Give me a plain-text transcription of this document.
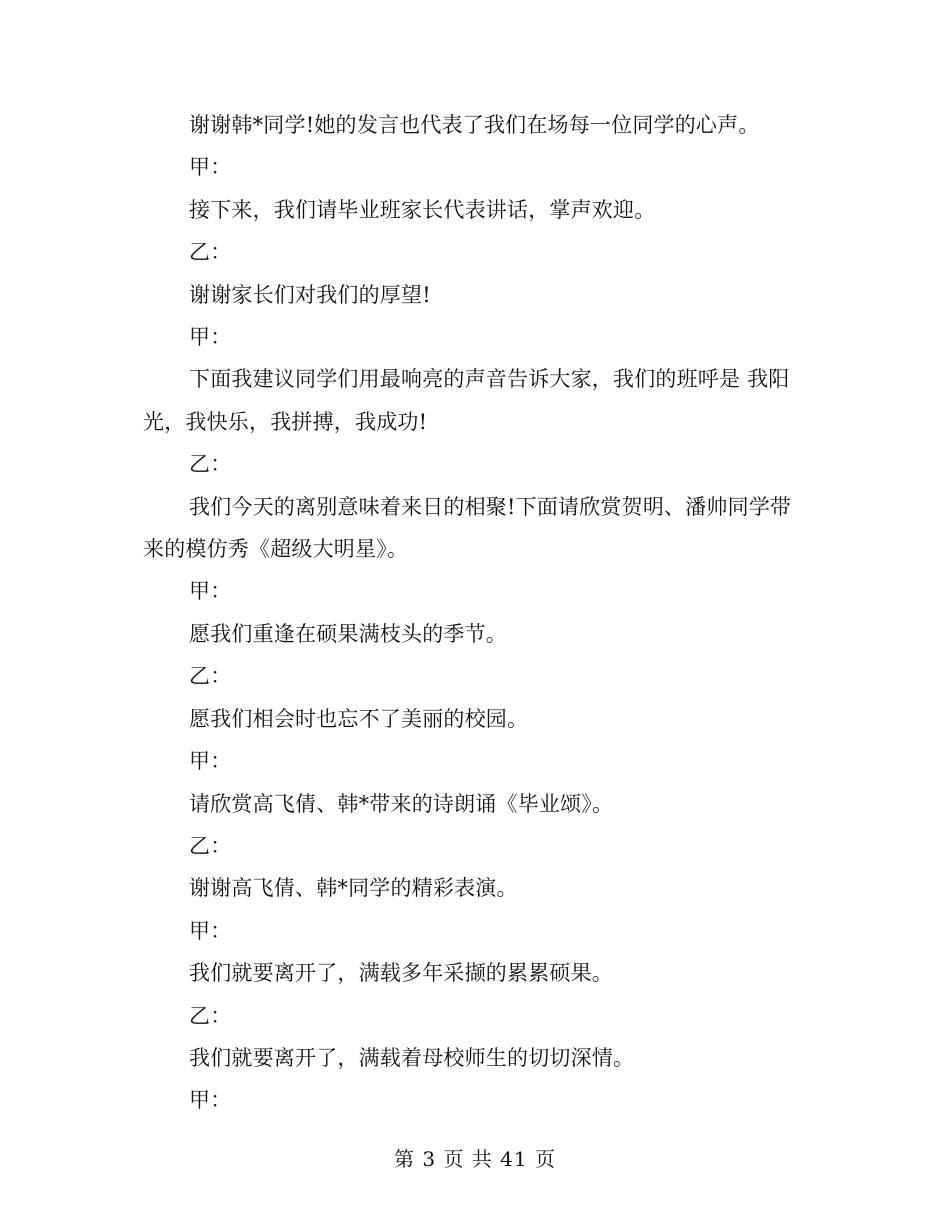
谢谢韩*同学!她的发言也代表了我们在场每一位同学的心声。

甲：

接下来，我们请毕业班家长代表讲话，掌声欢迎。

乙：

谢谢家长们对我们的厚望!

甲：

下面我建议同学们用最响亮的声音告诉大家，我们的班呼是 我阳光，我快乐，我拼搏，我成功!

乙：

我们今天的离别意味着来日的相聚!下面请欣赏贺明、潘帅同学带来的模仿秀《超级大明星》。

甲：

愿我们重逢在硕果满枝头的季节。

乙：

愿我们相会时也忘不了美丽的校园。

甲：

请欣赏高飞倩、韩*带来的诗朗诵《毕业颂》。

乙：

谢谢高飞倩、韩*同学的精彩表演。

甲：

我们就要离开了，满载多年采撷的累累硕果。

乙：

我们就要离开了，满载着母校师生的切切深情。

甲：

第 3 页 共 41 页
